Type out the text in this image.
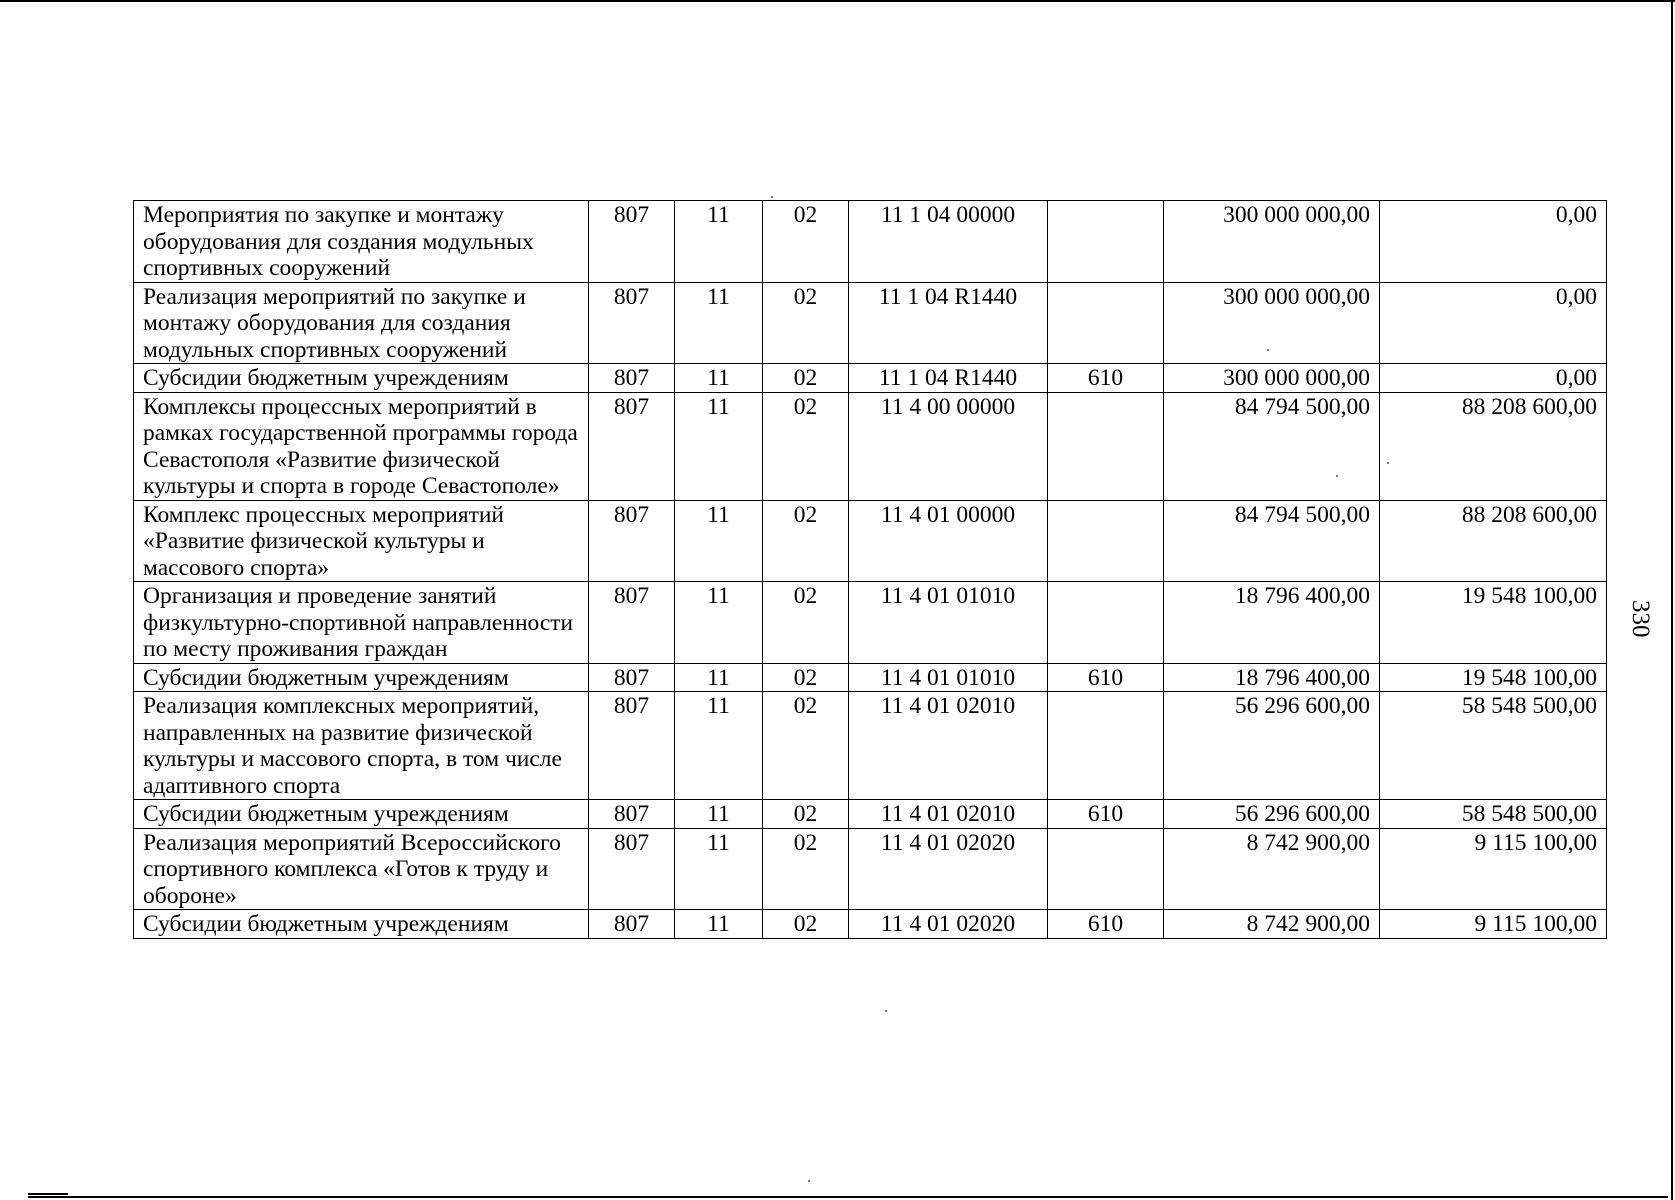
330
Мероприятия по закупке и монтажу оборудования для создания модульных спортивных сооружений	807	11	02	11 1 04 00000		300 000 000,00	0,00
Реализация мероприятий по закупке и монтажу оборудования для создания модульных спортивных сооружений	807	11	02	11 1 04 R1440		300 000 000,00	0,00
Субсидии бюджетным учреждениям	807	11	02	11 1 04 R1440	610	300 000 000,00	0,00
Комплексы процессных мероприятий в рамках государственной программы города Севастополя «Развитие физической культуры и спорта в городе Севастополе»	807	11	02	11 4 00 00000		84 794 500,00	88 208 600,00
Комплекс процессных мероприятий «Развитие физической культуры и массового спорта»	807	11	02	11 4 01 00000		84 794 500,00	88 208 600,00
Организация и проведение занятий физкультурно-спортивной направленности по месту проживания граждан	807	11	02	11 4 01 01010		18 796 400,00	19 548 100,00
Субсидии бюджетным учреждениям	807	11	02	11 4 01 01010	610	18 796 400,00	19 548 100,00
Реализация комплексных мероприятий, направленных на развитие физической культуры и массового спорта, в том числе адаптивного спорта	807	11	02	11 4 01 02010		56 296 600,00	58 548 500,00
Субсидии бюджетным учреждениям	807	11	02	11 4 01 02010	610	56 296 600,00	58 548 500,00
Реализация мероприятий Всероссийского спортивного комплекса «Готов к труду и обороне»	807	11	02	11 4 01 02020		8 742 900,00	9 115 100,00
Субсидии бюджетным учреждениям	807	11	02	11 4 01 02020	610	8 742 900,00	9 115 100,00
